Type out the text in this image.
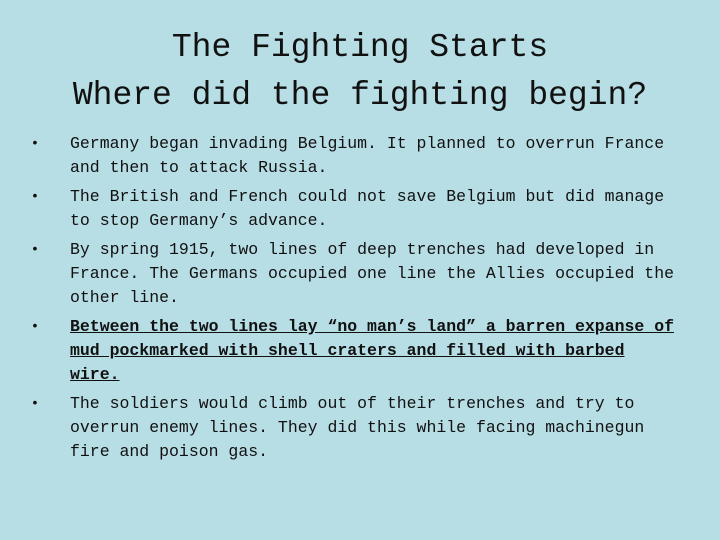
The Fighting Starts
Where did the fighting begin?
• Germany began invading Belgium. It planned to overrun France and then to attack Russia.
• The British and French could not save Belgium but did manage to stop Germany’s advance.
• By spring 1915, two lines of deep trenches had developed in France. The Germans occupied one line the Allies occupied the other line.
• Between the two lines lay “no man’s land” a barren expanse of mud pockmarked with shell craters and filled with barbed wire.
• The soldiers would climb out of their trenches and try to overrun enemy lines. They did this while facing machinegun fire and poison gas.
